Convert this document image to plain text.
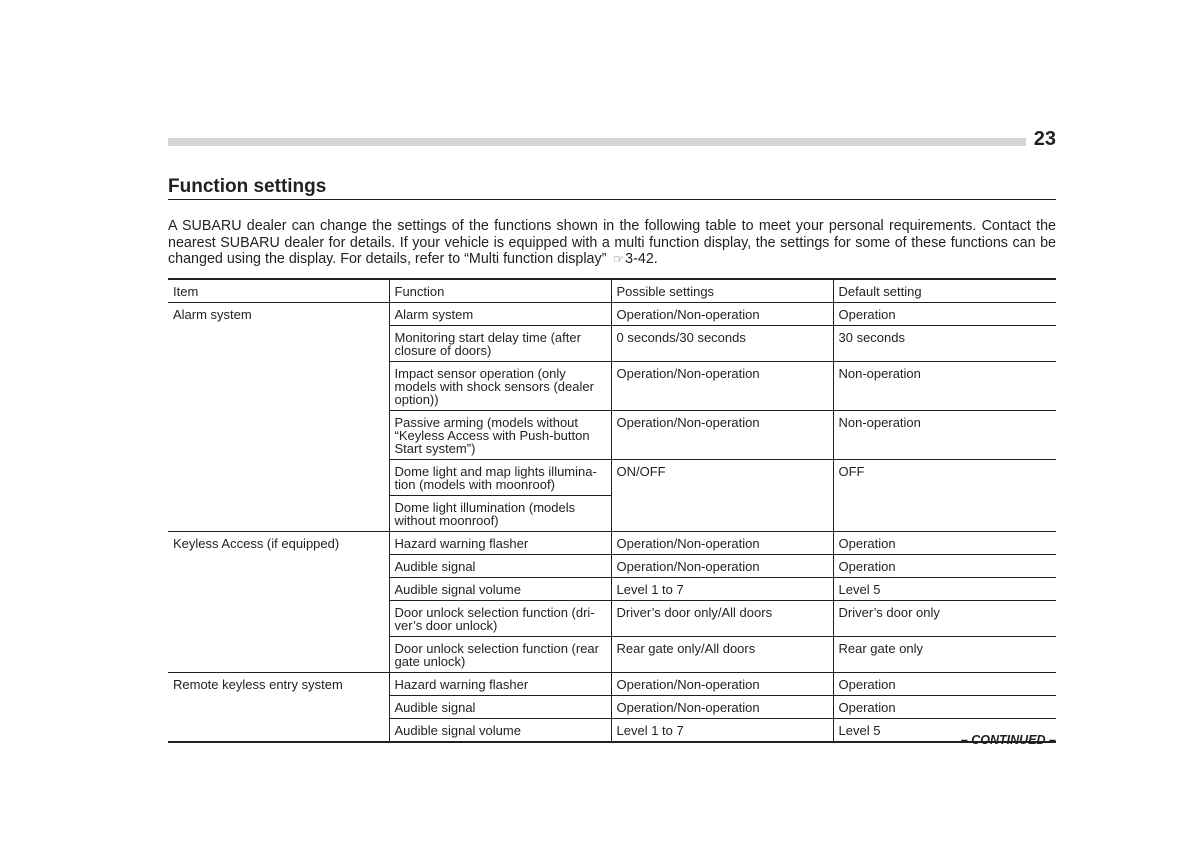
23
Function settings

A SUBARU dealer can change the settings of the functions shown in the following table to meet your personal requirements. Contact the nearest SUBARU dealer for details. If your vehicle is equipped with a multi function display, the settings for some of these functions can be changed using the display. For details, refer to “Multi function display” ☞3-42.

Item	Function	Possible settings	Default setting
Alarm system	Alarm system	Operation/Non-operation	Operation
	Monitoring start delay time (after closure of doors)	0 seconds/30 seconds	30 seconds
	Impact sensor operation (only models with shock sensors (dealer option))	Operation/Non-operation	Non-operation
	Passive arming (models without “Keyless Access with Push-button Start system”)	Operation/Non-operation	Non-operation
	Dome light and map lights illumina-tion (models with moonroof)	ON/OFF	OFF
	Dome light illumination (models without moonroof)		
Keyless Access (if equipped)	Hazard warning flasher	Operation/Non-operation	Operation
	Audible signal	Operation/Non-operation	Operation
	Audible signal volume	Level 1 to 7	Level 5
	Door unlock selection function (dri-ver’s door unlock)	Driver’s door only/All doors	Driver’s door only
	Door unlock selection function (rear gate unlock)	Rear gate only/All doors	Rear gate only
Remote keyless entry system	Hazard warning flasher	Operation/Non-operation	Operation
	Audible signal	Operation/Non-operation	Operation
	Audible signal volume	Level 1 to 7	Level 5
– CONTINUED –
